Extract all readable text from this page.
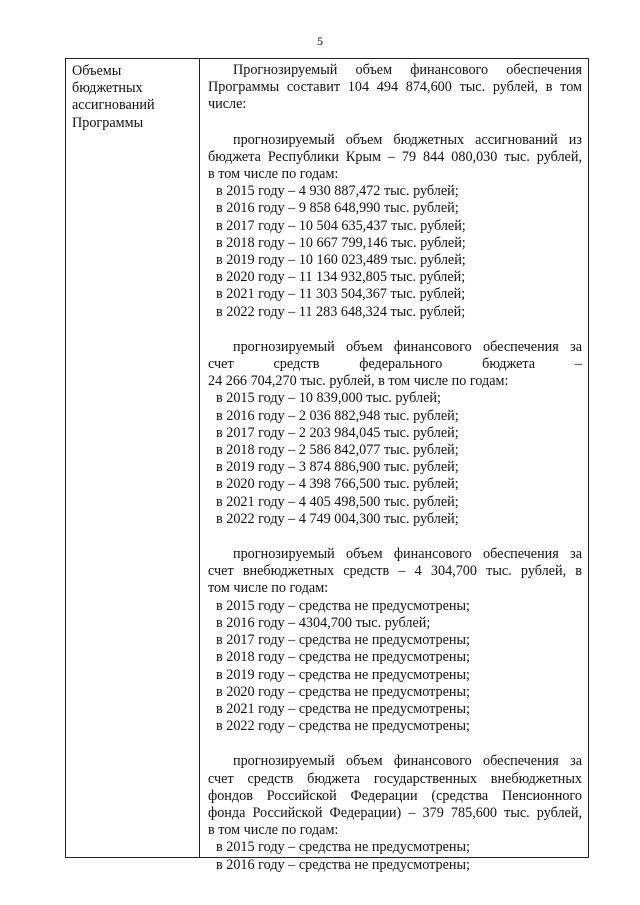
5
Объемы
бюджетных
ассигнований
Программы
Прогнозируемый объем финансового обеспечения
Программы составит 104 494 874,600 тыс. рублей, в том
числе:
прогнозируемый объем бюджетных ассигнований из
бюджета Республики Крым – 79 844 080,030 тыс. рублей,
в том числе по годам:
в 2015 году – 4 930 887,472 тыс. рублей;
в 2016 году – 9 858 648,990 тыс. рублей;
в 2017 году – 10 504 635,437 тыс. рублей;
в 2018 году – 10 667 799,146 тыс. рублей;
в 2019 году – 10 160 023,489 тыс. рублей;
в 2020 году – 11 134 932,805 тыс. рублей;
в 2021 году – 11 303 504,367 тыс. рублей;
в 2022 году – 11 283 648,324 тыс. рублей;
прогнозируемый объем финансового обеспечения за
счет средств федерального бюджета –
24 266 704,270 тыс. рублей, в том числе по годам:
в 2015 году – 10 839,000 тыс. рублей;
в 2016 году – 2 036 882,948 тыс. рублей;
в 2017 году – 2 203 984,045 тыс. рублей;
в 2018 году – 2 586 842,077 тыс. рублей;
в 2019 году – 3 874 886,900 тыс. рублей;
в 2020 году – 4 398 766,500 тыс. рублей;
в 2021 году – 4 405 498,500 тыс. рублей;
в 2022 году – 4 749 004,300 тыс. рублей;
прогнозируемый объем финансового обеспечения за
счет внебюджетных средств – 4 304,700 тыс. рублей, в
том числе по годам:
в 2015 году – средства не предусмотрены;
в 2016 году – 4304,700 тыс. рублей;
в 2017 году – средства не предусмотрены;
в 2018 году – средства не предусмотрены;
в 2019 году – средства не предусмотрены;
в 2020 году – средства не предусмотрены;
в 2021 году – средства не предусмотрены;
в 2022 году – средства не предусмотрены;
прогнозируемый объем финансового обеспечения за
счет средств бюджета государственных внебюджетных
фондов Российской Федерации (средства Пенсионного
фонда Российской Федерации) – 379 785,600 тыс. рублей,
в том числе по годам:
в 2015 году – средства не предусмотрены;
в 2016 году – средства не предусмотрены;
